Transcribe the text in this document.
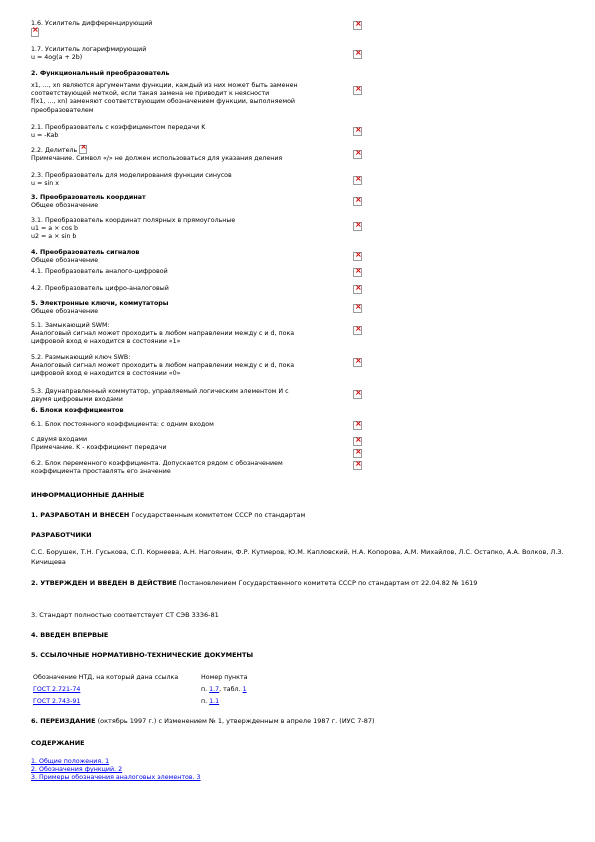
1.6. Усилитель дифференцирующий
×
×
1.7. Усилитель логарифмирующий
u = 4og(a + 2b)
×
2. Функциональный преобразователь
x1, ..., xn являются аргументами функции, каждый из них может быть заменен
соответствующей меткой, если такая замена не приводит к неясности
f(x1, ..., xn) заменяют соответствующим обозначением функции, выполняемой
преобразователем
×
2.1. Преобразователь с коэффициентом передачи K
u = -Kab
×
2.2. Делитель×
Примечание. Символ «/» не должен использоваться для указания деления
×
2.3. Преобразователь для моделирования функции синусов
u = sin x
×
3. Преобразователь координат
Общее обозначение
×
3.1. Преобразователь координат полярных в прямоугольные
u1 = a × cos b
u2 = a × sin b
×
4. Преобразователь сигналов
Общее обозначение
×
4.1. Преобразователь аналого-цифровой
×
4.2. Преобразователь цифро-аналоговый
×
5. Электронные ключи, коммутаторы
Общее обозначение
×
5.1. Замыкающий SWM:
Аналоговый сигнал может проходить в любом направлении между c и d, пока
цифровой вход e находится в состоянии «1»
×
5.2. Размыкающий ключ SWB:
Аналоговый сигнал может проходить в любом направлении между c и d, пока
цифровой вход e находится в состоянии «0»
×
5.3. Двунаправленный коммутатор, управляемый логическим элементом И с
двумя цифровыми входами
×
6. Блоки коэффициентов
6.1. Блок постоянного коэффициента: с одним входом
×
с двумя входами
Примечание. K - коэффициент передачи
×
×
6.2. Блок переменного коэффициента. Допускается рядом с обозначением
коэффициента проставлять его значение
×
ИНФОРМАЦИОННЫЕ ДАННЫЕ
1. РАЗРАБОТАН И ВНЕСЕН Государственным комитетом СССР по стандартам
РАЗРАБОТЧИКИ
С.С. Борушек, Т.Н. Гуськова, С.П. Корнеева, А.Н. Нагоянин, Ф.Р. Кутиеров, Ю.М. Капловский, Н.А. Копорова, А.М. Михайлов, Л.С. Остапко, А.А. Волков, Л.З. Кичищева
2. УТВЕРЖДЕН И ВВЕДЕН В ДЕЙСТВИЕ Постановлением Государственного комитета СССР по стандартам от 22.04.82 № 1619
3. Стандарт полностью соответствует СТ СЭВ 3336-81
4. ВВЕДЕН ВПЕРВЫЕ
5. ССЫЛОЧНЫЕ НОРМАТИВНО-ТЕХНИЧЕСКИЕ ДОКУМЕНТЫ
Обозначение НТД, на который дана ссылка	Номер пункта
ГОСТ 2.721-74	п. 1.7, табл. 1
ГОСТ 2.743-91	п. 1.1
6. ПЕРЕИЗДАНИЕ (октябрь 1997 г.) с Изменением № 1, утвержденным в апреле 1987 г. (ИУС 7-87)
СОДЕРЖАНИЕ
1. Общие положения. 1
2. Обозначения функций. 2
3. Примеры обозначения аналоговых элементов. 3
